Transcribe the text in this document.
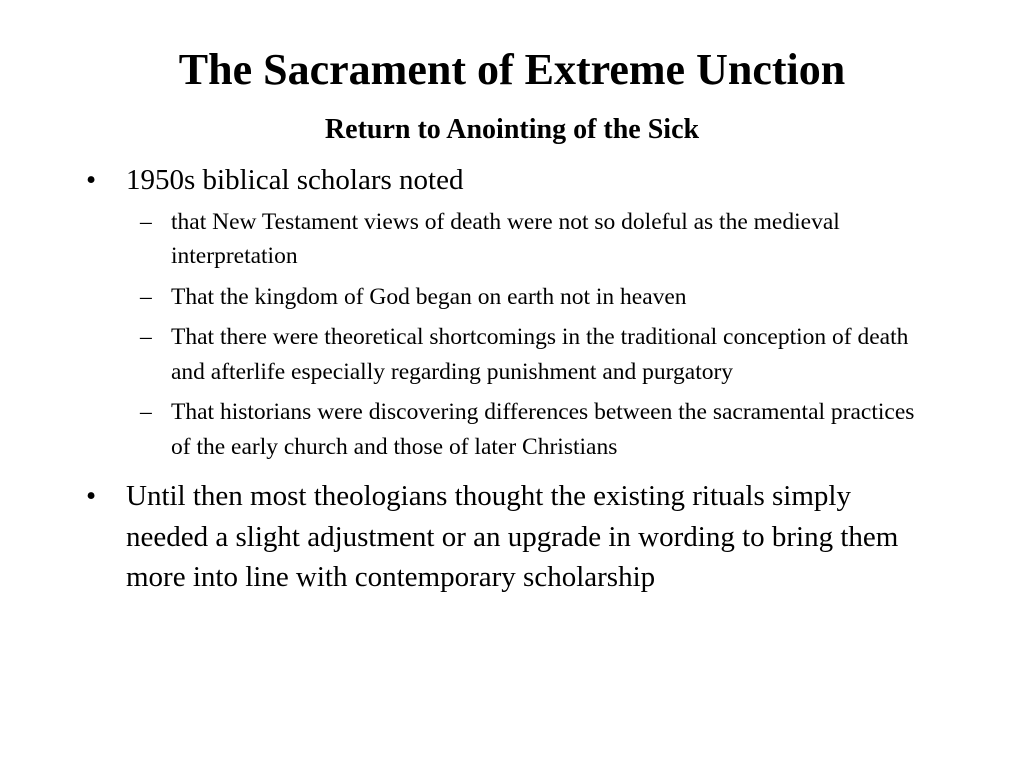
The Sacrament of Extreme Unction
Return to Anointing of the Sick
• 1950s biblical scholars noted
– that New Testament views of death were not so doleful as the medieval interpretation
– That the kingdom of God began on earth not in heaven
– That there were theoretical shortcomings in the traditional conception of death and afterlife especially regarding punishment and purgatory
– That historians were discovering differences between the sacramental practices of the early church and those of later Christians
• Until then most theologians thought the existing rituals simply needed a slight adjustment or an upgrade in wording to bring them more into line with contemporary scholarship
